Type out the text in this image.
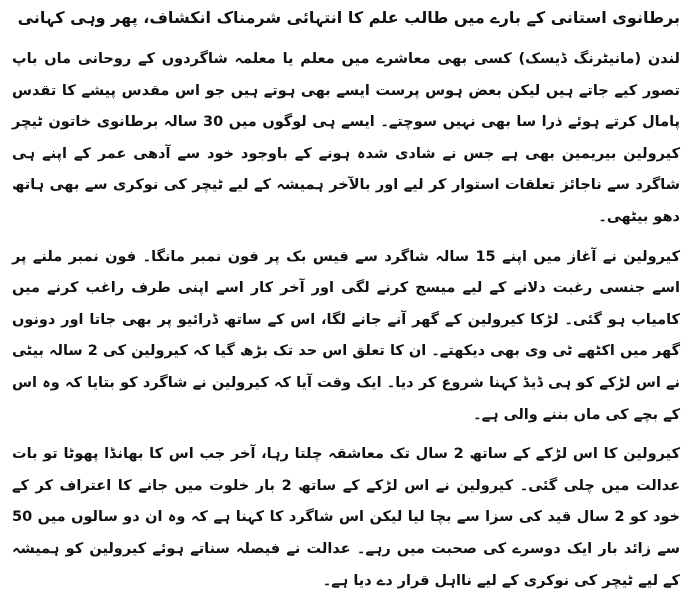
برطانوی استانی کے بارے میں طالب علم کا انتہائی شرمناک انکشاف، پھر وہی کہانی

لندن (مانیٹرنگ ڈیسک) کسی بھی معاشرے میں معلم یا معلمہ شاگردوں کے روحانی ماں باپ تصور کیے جاتے ہیں لیکن بعض ہوس پرست ایسے بھی ہوتے ہیں جو اس مقدس پیشے کا تقدس پامال کرتے ہوئے ذرا سا بھی نہیں سوچتے۔ ایسے ہی لوگوں میں 30 سالہ برطانوی خاتون ٹیچر کیرولین بیریمین بھی ہے جس نے شادی شدہ ہونے کے باوجود خود سے آدھی عمر کے اپنے ہی شاگرد سے ناجائز تعلقات استوار کر لیے اور بالآخر ہمیشہ کے لیے ٹیچر کی نوکری سے بھی ہاتھ دھو بیٹھی۔

کیرولین نے آغاز میں اپنے 15 سالہ شاگرد سے فیس بک پر فون نمبر مانگا۔ فون نمبر ملنے پر اسے جنسی رغبت دلانے کے لیے میسج کرنے لگی اور آخر کار اسے اپنی طرف راغب کرنے میں کامیاب ہو گئی۔ لڑکا کیرولین کے گھر آنے جانے لگا، اس کے ساتھ ڈرائیو پر بھی جاتا اور دونوں گھر میں اکٹھے ٹی وی بھی دیکھتے۔ ان کا تعلق اس حد تک بڑھ گیا کہ کیرولین کی 2 سالہ بیٹی نے اس لڑکے کو ہی ڈیڈ کہنا شروع کر دیا۔ ایک وقت آیا کہ کیرولین نے شاگرد کو بتایا کہ وہ اس کے بچے کی ماں بننے والی ہے۔

کیرولین کا اس لڑکے کے ساتھ 2 سال تک معاشقہ چلتا رہا، آخر جب اس کا بھانڈا پھوٹا تو بات عدالت میں چلی گئی۔ کیرولین نے اس لڑکے کے ساتھ 2 بار خلوت میں جانے کا اعتراف کر کے خود کو 2 سال قید کی سزا سے بچا لیا لیکن اس شاگرد کا کہنا ہے کہ وہ ان دو سالوں میں 50 سے زائد بار ایک دوسرے کی صحبت میں رہے۔ عدالت نے فیصلہ سناتے ہوئے کیرولین کو ہمیشہ کے لیے ٹیچر کی نوکری کے لیے نااہل قرار دے دیا ہے۔
